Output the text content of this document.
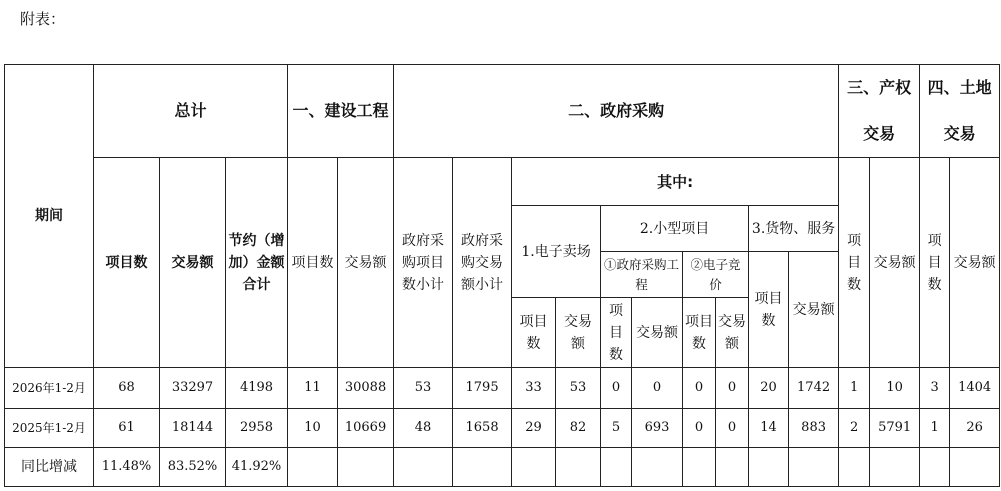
附表：
期间	总计			一、建设工程		二、政府采购										三、产权交易		四、土地交易	
	项目数	交易额	节约（增加）金额合计	项目数	交易额	政府采购项目数小计	政府采购交易额小计	其中:								项目数	交易额	项目数	交易额
								1.电子卖场		2.小型项目				3.货物、服务					
										①政府采购工程		②电子竞价		项目数	交易额				
								项目数	交易额	项目数	交易额	项目数	交易额						
2026年1-2月	68	33297	4198	11	30088	53	1795	33	53	0	0	0	0	20	1742	1	10	3	1404
2025年1-2月	61	18144	2958	10	10669	48	1658	29	82	5	693	0	0	14	883	2	5791	1	26
同比增减	11.48%	83.52%	41.92%																
